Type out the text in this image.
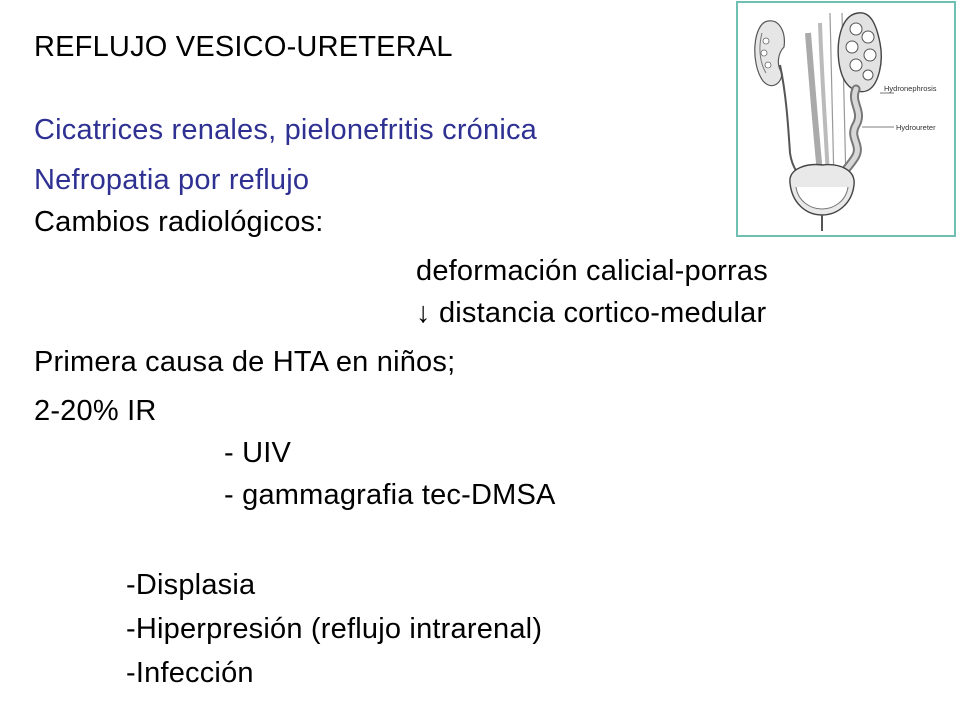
REFLUJO VESICO-URETERAL
Cicatrices renales, pielonefritis crónica
Nefropatia por reflujo
Cambios radiológicos:
deformación calicial-porras
↓ distancia cortico-medular
Primera causa de HTA en niños;
2-20% IR
- UIV
- gammagrafia tec-DMSA
-Displasia
-Hiperpresión (reflujo intrarenal)
-Infección
Hydronephrosis
Hydroureter
